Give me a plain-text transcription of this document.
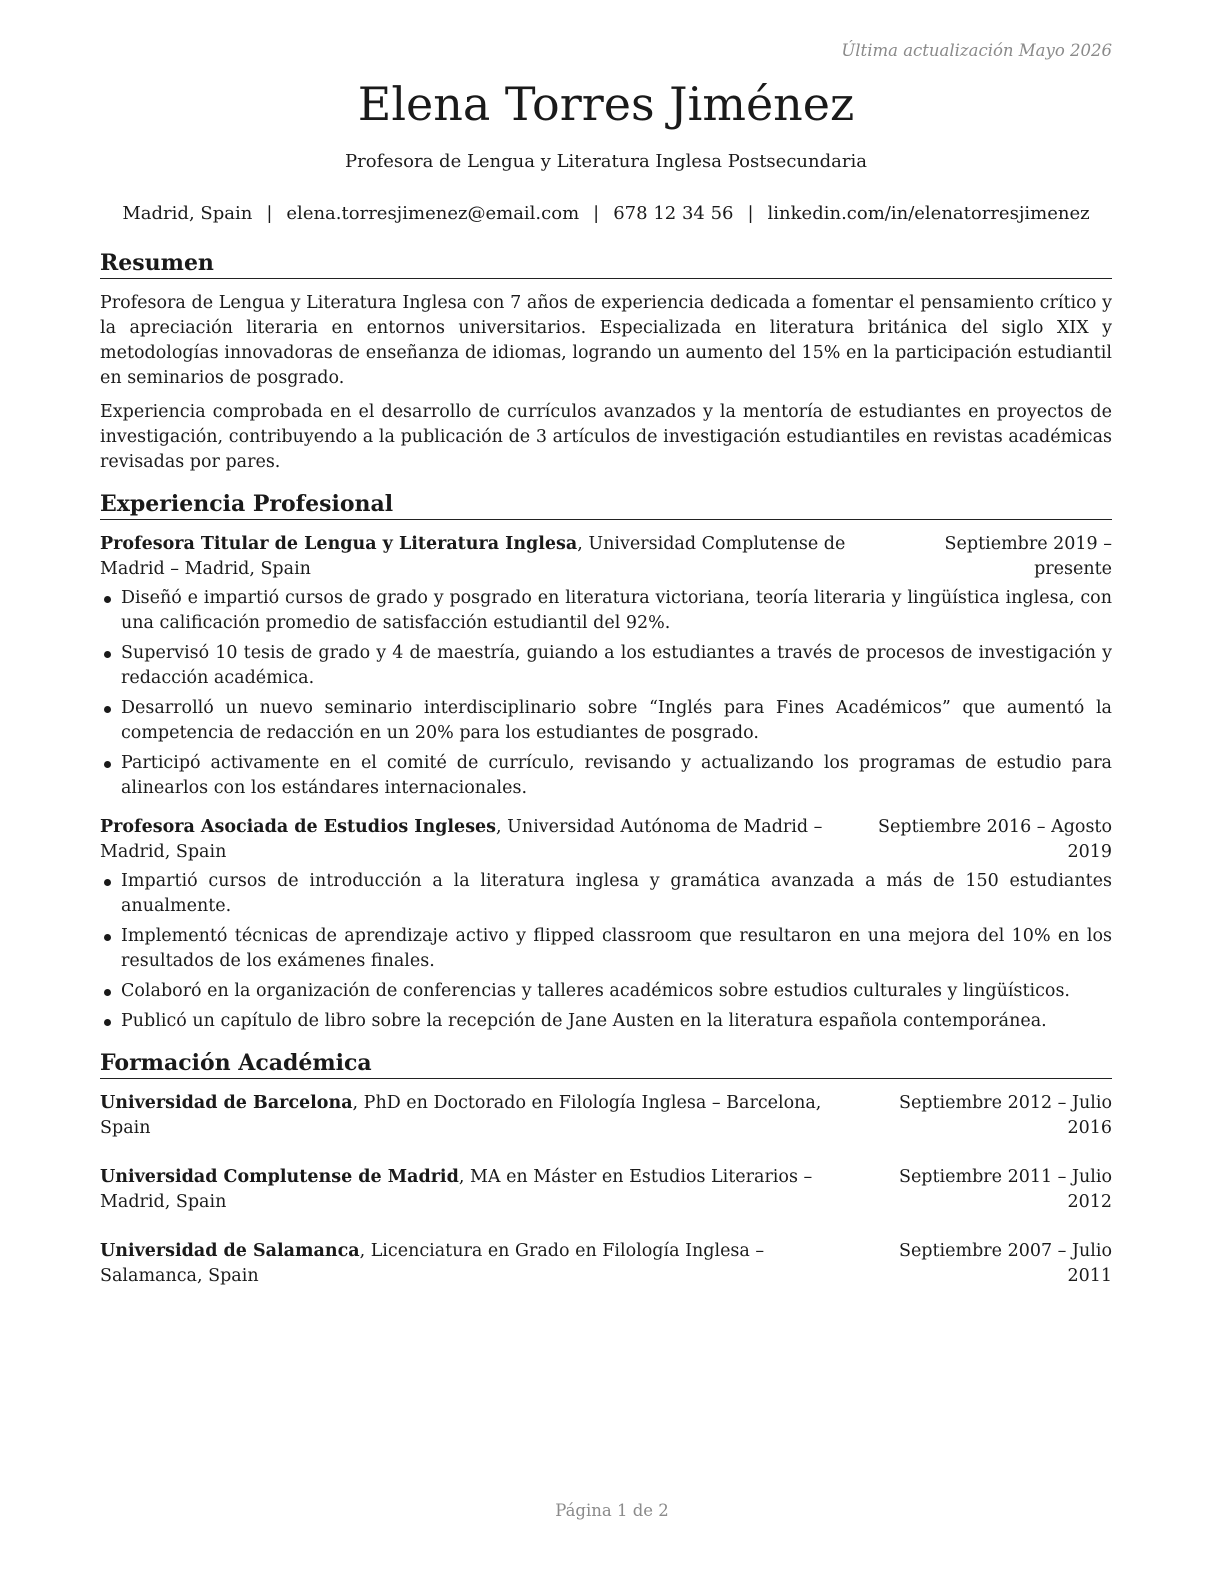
Última actualización Mayo 2026
Elena Torres Jiménez
Profesora de Lengua y Literatura Inglesa Postsecundaria
Madrid, Spain | elena.torresjimenez@email.com | 678 12 34 56 | linkedin.com/in/elenatorresjimenez
Resumen

Profesora de Lengua y Literatura Inglesa con 7 años de experiencia dedicada a fomentar el pensamiento crítico y la apreciación literaria en entornos universitarios. Especializada en literatura británica del siglo XIX y metodologías innovadoras de enseñanza de idiomas, logrando un aumento del 15% en la participación estudiantil en seminarios de posgrado.

Experiencia comprobada en el desarrollo de currículos avanzados y la mentoría de estudiantes en proyectos de investigación, contribuyendo a la publicación de 3 artículos de investigación estudiantiles en revistas académicas revisadas por pares.

Experiencia Profesional
Profesora Titular de Lengua y Literatura Inglesa, Universidad Complutense de Madrid – Madrid, Spain
Septiembre 2019 – presente
Diseñó e impartió cursos de grado y posgrado en literatura victoriana, teoría literaria y lingüística inglesa, con una calificación promedio de satisfacción estudiantil del 92%.
Supervisó 10 tesis de grado y 4 de maestría, guiando a los estudiantes a través de procesos de investigación y redacción académica.
Desarrolló un nuevo seminario interdisciplinario sobre “Inglés para Fines Académicos” que aumentó la competencia de redacción en un 20% para los estudiantes de posgrado.
Participó activamente en el comité de currículo, revisando y actualizando los programas de estudio para alinearlos con los estándares internacionales.
Profesora Asociada de Estudios Ingleses, Universidad Autónoma de Madrid – Madrid, Spain
Septiembre 2016 – Agosto 2019
Impartió cursos de introducción a la literatura inglesa y gramática avanzada a más de 150 estudiantes anualmente.
Implementó técnicas de aprendizaje activo y flipped classroom que resultaron en una mejora del 10% en los resultados de los exámenes finales.
Colaboró en la organización de conferencias y talleres académicos sobre estudios culturales y lingüísticos.
Publicó un capítulo de libro sobre la recepción de Jane Austen en la literatura española contemporánea.
Formación Académica
Universidad de Barcelona, PhD en Doctorado en Filología Inglesa – Barcelona, Spain
Septiembre 2012 – Julio 2016
Universidad Complutense de Madrid, MA en Máster en Estudios Literarios – Madrid, Spain
Septiembre 2011 – Julio 2012
Universidad de Salamanca, Licenciatura en Grado en Filología Inglesa – Salamanca, Spain
Septiembre 2007 – Julio 2011
Página 1 de 2
